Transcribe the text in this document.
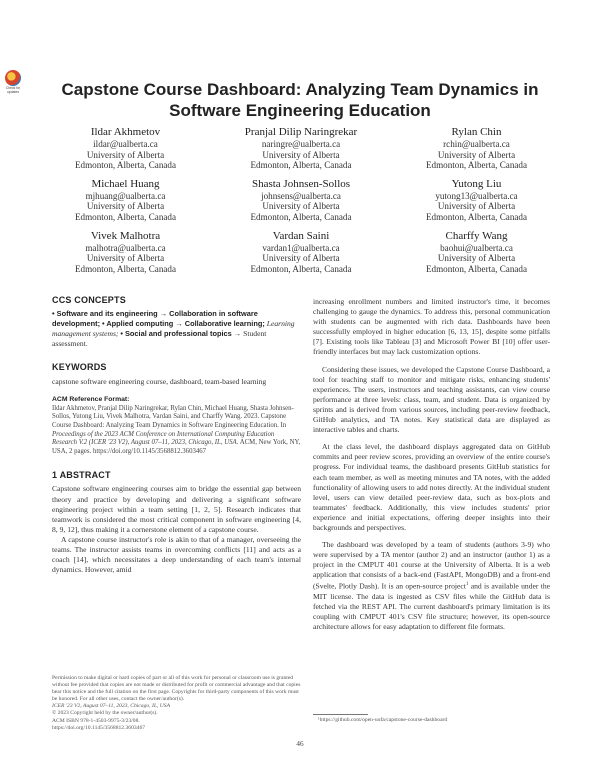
Check for updates	Capstone Course Dashboard: Analyzing Team Dynamics in Software Engineering Education
Ildar Akhmetov
ildar@ualberta.ca
University of Alberta
Edmonton, Alberta, Canada
Pranjal Dilip Naringrekar
naringre@ualberta.ca
University of Alberta
Edmonton, Alberta, Canada
Rylan Chin
rchin@ualberta.ca
University of Alberta
Edmonton, Alberta, Canada
Michael Huang
mjhuang@ualberta.ca
University of Alberta
Edmonton, Alberta, Canada
Shasta Johnsen-Sollos
johnsens@ualberta.ca
University of Alberta
Edmonton, Alberta, Canada
Yutong Liu
yutong13@ualberta.ca
University of Alberta
Edmonton, Alberta, Canada
Vivek Malhotra
malhotra@ualberta.ca
University of Alberta
Edmonton, Alberta, Canada
Vardan Saini
vardan1@ualberta.ca
University of Alberta
Edmonton, Alberta, Canada
Charffy Wang
baohui@ualberta.ca
University of Alberta
Edmonton, Alberta, Canada
CCS CONCEPTS
• Software and its engineering → Collaboration in software development; • Applied computing → Collaborative learning; Learning management systems; • Social and professional topics → Student assessment.
KEYWORDS
capstone software engineering course, dashboard, team-based learning
ACM Reference Format:
Ildar Akhmetov, Pranjal Dilip Naringrekar, Rylan Chin, Michael Huang, Shasta Johnsen-Sollos, Yutong Liu, Vivek Malhotra, Vardan Saini, and Charffy Wang. 2023. Capstone Course Dashboard: Analyzing Team Dynamics in Software Engineering Education. In Proceedings of the 2023 ACM Conference on International Computing Education Research V.2 (ICER '23 V2), August 07–11, 2023, Chicago, IL, USA. ACM, New York, NY, USA, 2 pages. https://doi.org/10.1145/3568812.3603467
1 ABSTRACT

Capstone software engineering courses aim to bridge the essential gap between theory and practice by developing and delivering a significant software engineering project within a team setting [1, 2, 5]. Research indicates that teamwork is considered the most critical component in software engineering [4, 8, 9, 12], thus making it a cornerstone element of a capstone course.

A capstone course instructor's role is akin to that of a manager, overseeing the teams. The instructor assists teams in overcoming conflicts [11] and acts as a coach [14], which necessitates a deep understanding of each team's internal dynamics. However, amid

increasing enrollment numbers and limited instructor's time, it becomes challenging to gauge the dynamics. To address this, personal communication with students can be augmented with rich data. Dashboards have been successfully employed in higher education [6, 13, 15], despite some pitfalls [7]. Existing tools like Tableau [3] and Microsoft Power BI [10] offer user-friendly interfaces but may lack customization options.

Considering these issues, we developed the Capstone Course Dashboard, a tool for teaching staff to monitor and mitigate risks, enhancing students' experiences. The users, instructors and teaching assistants, can view course performance at three levels: class, team, and student. Data is organized by sprints and is derived from various sources, including peer-review feedback, GitHub analytics, and TA notes. Key statistical data are displayed as interactive tables and charts.

At the class level, the dashboard displays aggregated data on GitHub commits and peer review scores, providing an overview of the entire course's progress. For individual teams, the dashboard presents GitHub statistics for each team member, as well as meeting minutes and TA notes, with the added functionality of allowing users to add notes directly. At the individual student level, users can view detailed peer-review data, such as box-plots and teammates' feedback. Additionally, this view includes students' prior experience and initial expectations, offering deeper insights into their backgrounds and perspectives.

The dashboard was developed by a team of students (authors 3-9) who were supervised by a TA mentor (author 2) and an instructor (author 1) as a project in the CMPUT 401 course at the University of Alberta. It is a web application that consists of a back-end (FastAPI, MongoDB) and a front-end (Svelte, Plotly Dash). It is an open-source project$^1$ and is available under the MIT license. The data is ingested as CSV files while the GitHub data is fetched via the REST API. The current dashboard's primary limitation is its coupling with CMPUT 401's CSV file structure; however, its open-source architecture allows for easy adaptation to different file formats.

Permission to make digital or hard copies of part or all of this work for personal or classroom use is granted without fee provided that copies are not made or distributed for profit or commercial advantage and that copies bear this notice and the full citation on the first page. Copyrights for third-party components of this work must be honored. For all other uses, contact the owner/author(s).
ICER '23 V2, August 07–11, 2023, Chicago, IL, USA
© 2023 Copyright held by the owner/author(s).
ACM ISBN 978-1-4503-9975-3/23/08.
https://doi.org/10.1145/3568812.3603467
¹https://github.com/open-uofa/capstone-course-dashboard
46
